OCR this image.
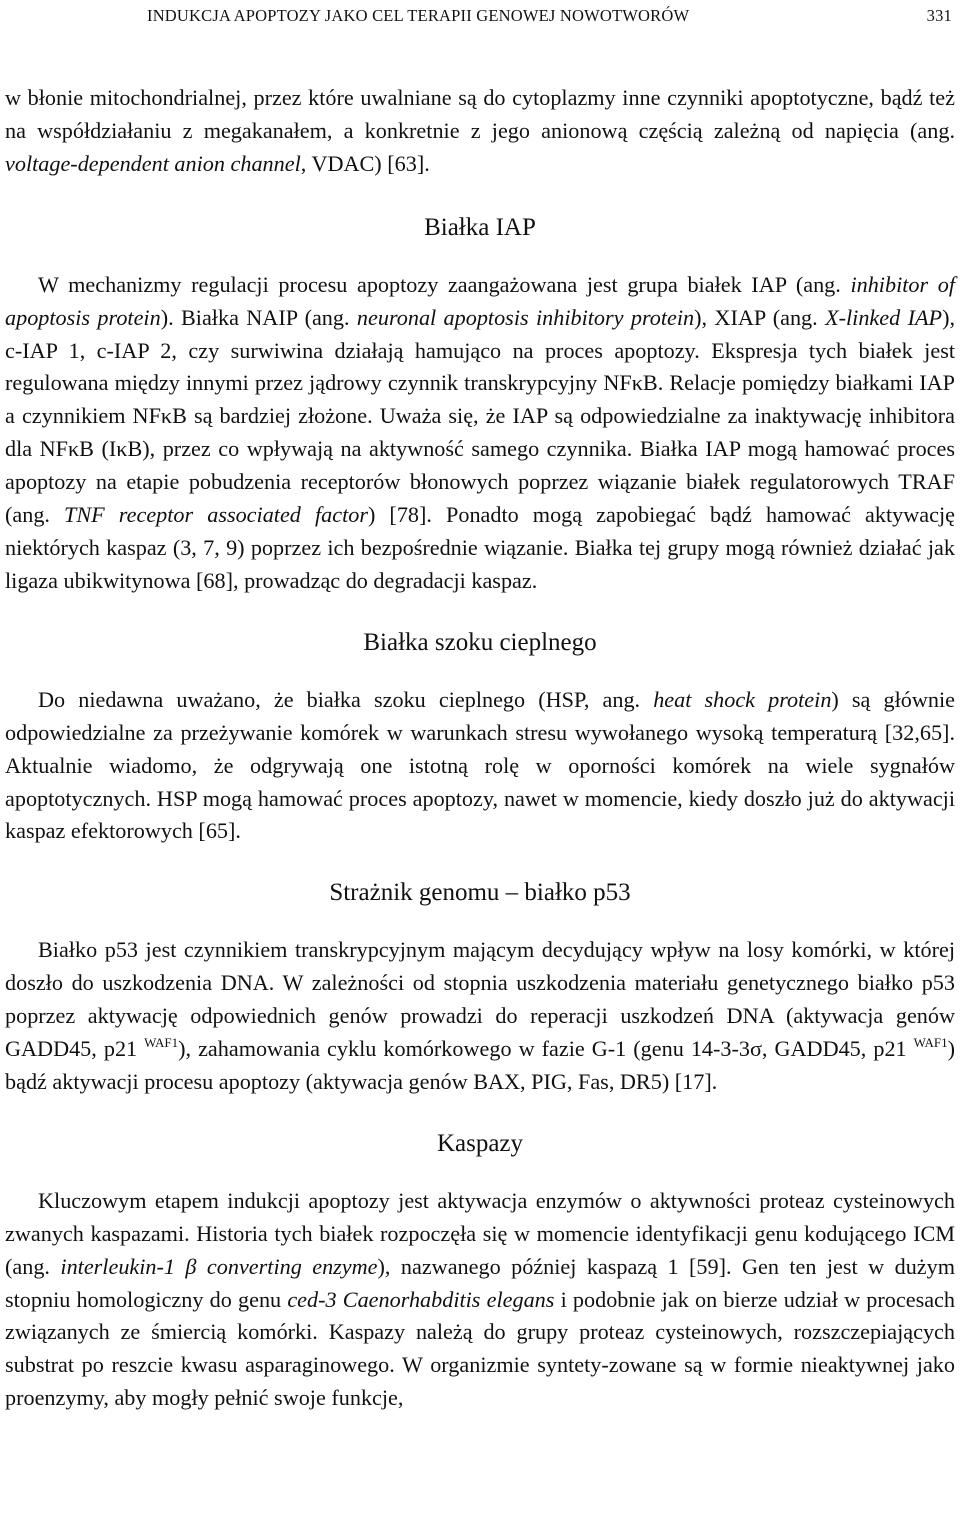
INDUKCJA APOPTOZY JAKO CEL TERAPII GENOWEJ NOWOTWORÓW	331

w błonie mitochondrialnej, przez które uwalniane są do cytoplazmy inne czynniki apoptotyczne, bądź też na współdziałaniu z megakanałem, a konkretnie z jego anionową częścią zależną od napięcia (ang. voltage-dependent anion channel, VDAC) [63].

Białka IAP

W mechanizmy regulacji procesu apoptozy zaangażowana jest grupa białek IAP (ang. inhibitor of apoptosis protein). Białka NAIP (ang. neuronal apoptosis inhibitory protein), XIAP (ang. X-linked IAP), c-IAP 1, c-IAP 2, czy surwiwina działają hamująco na proces apoptozy. Ekspresja tych białek jest regulowana między innymi przez jądrowy czynnik transkrypcyjny NFκB. Relacje pomiędzy białkami IAP a czynnikiem NFκB są bardziej złożone. Uważa się, że IAP są odpowiedzialne za inaktywację inhibitora dla NFκB (IκB), przez co wpływają na aktywność samego czynnika. Białka IAP mogą hamować proces apoptozy na etapie pobudzenia receptorów błonowych poprzez wiązanie białek regulatorowych TRAF (ang. TNF receptor associated factor) [78]. Ponadto mogą zapobiegać bądź hamować aktywację niektórych kaspaz (3, 7, 9) poprzez ich bezpośrednie wiązanie. Białka tej grupy mogą również działać jak ligaza ubikwitynowa [68], prowadząc do degradacji kaspaz.

Białka szoku cieplnego

Do niedawna uważano, że białka szoku cieplnego (HSP, ang. heat shock protein) są głównie odpowiedzialne za przeżywanie komórek w warunkach stresu wywołanego wysoką temperaturą [32,65]. Aktualnie wiadomo, że odgrywają one istotną rolę w oporności komórek na wiele sygnałów apoptotycznych. HSP mogą hamować proces apoptozy, nawet w momencie, kiedy doszło już do aktywacji kaspaz efektorowych [65].

Strażnik genomu – białko p53

Białko p53 jest czynnikiem transkrypcyjnym mającym decydujący wpływ na losy komórki, w której doszło do uszkodzenia DNA. W zależności od stopnia uszkodzenia materiału genetycznego białko p53 poprzez aktywację odpowiednich genów prowadzi do reperacji uszkodzeń DNA (aktywacja genów GADD45, p21 $^{WAF1}$), zahamowania cyklu komórkowego w fazie G-1 (genu 14-3-3σ, GADD45, p21 $^{WAF1}$) bądź aktywacji procesu apoptozy (aktywacja genów BAX, PIG, Fas, DR5) [17].

Kaspazy

Kluczowym etapem indukcji apoptozy jest aktywacja enzymów o aktywności proteaz cysteinowych zwanych kaspazami. Historia tych białek rozpoczęła się w momencie identyfikacji genu kodującego ICM (ang. interleukin-1 β converting enzyme), nazwanego później kaspazą 1 [59]. Gen ten jest w dużym stopniu homologiczny do genu ced-3 Caenorhabditis elegans i podobnie jak on bierze udział w procesach związanych ze śmiercią komórki. Kaspazy należą do grupy proteaz cysteinowych, rozszczepiających substrat po reszcie kwasu asparaginowego. W organizmie syntety-zowane są w formie nieaktywnej jako proenzymy, aby mogły pełnić swoje funkcje,
